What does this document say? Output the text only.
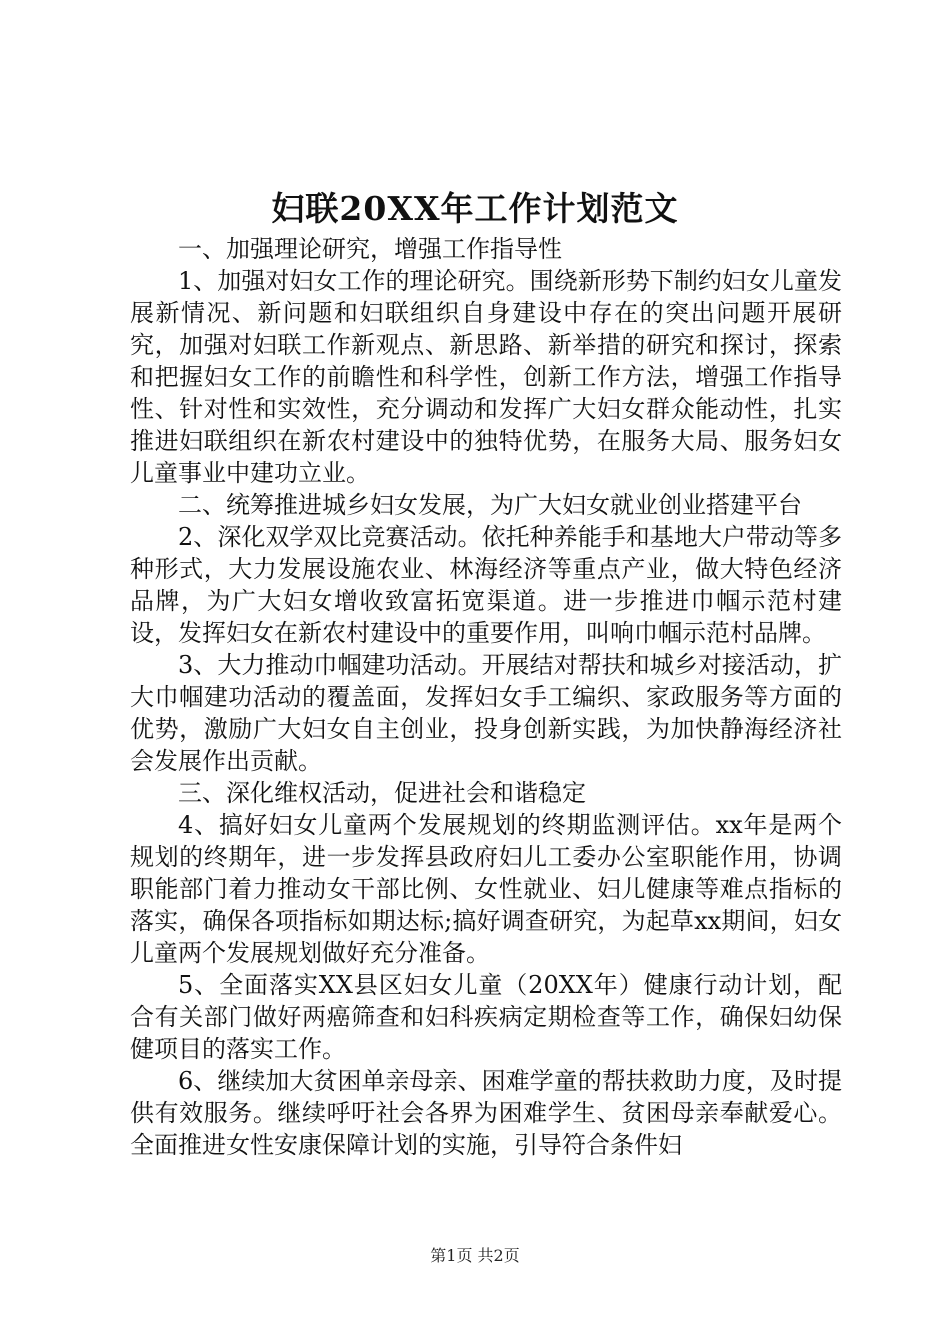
妇联20XX年工作计划范文

一、加强理论研究，增强工作指导性

1、加强对妇女工作的理论研究。围绕新形势下制约妇女儿童发展新情况、新问题和妇联组织自身建设中存在的突出问题开展研究，加强对妇联工作新观点、新思路、新举措的研究和探讨，探索和把握妇女工作的前瞻性和科学性，创新工作方法，增强工作指导性、针对性和实效性，充分调动和发挥广大妇女群众能动性，扎实推进妇联组织在新农村建设中的独特优势，在服务大局、服务妇女儿童事业中建功立业。

二、统筹推进城乡妇女发展，为广大妇女就业创业搭建平台

2、深化双学双比竞赛活动。依托种养能手和基地大户带动等多种形式，大力发展设施农业、林海经济等重点产业，做大特色经济品牌，为广大妇女增收致富拓宽渠道。进一步推进巾帼示范村建设，发挥妇女在新农村建设中的重要作用，叫响巾帼示范村品牌。

3、大力推动巾帼建功活动。开展结对帮扶和城乡对接活动，扩大巾帼建功活动的覆盖面，发挥妇女手工编织、家政服务等方面的优势，激励广大妇女自主创业，投身创新实践，为加快静海经济社会发展作出贡献。

三、深化维权活动，促进社会和谐稳定

4、搞好妇女儿童两个发展规划的终期监测评估。xx年是两个规划的终期年，进一步发挥县政府妇儿工委办公室职能作用，协调职能部门着力推动女干部比例、女性就业、妇儿健康等难点指标的落实，确保各项指标如期达标;搞好调查研究，为起草xx期间，妇女儿童两个发展规划做好充分准备。

5、全面落实XX县区妇女儿童（20XX年）健康行动计划，配合有关部门做好两癌筛查和妇科疾病定期检查等工作，确保妇幼保健项目的落实工作。

6、继续加大贫困单亲母亲、困难学童的帮扶救助力度，及时提供有效服务。继续呼吁社会各界为困难学生、贫困母亲奉献爱心。全面推进女性安康保障计划的实施，引导符合条件妇

第1页 共2页
